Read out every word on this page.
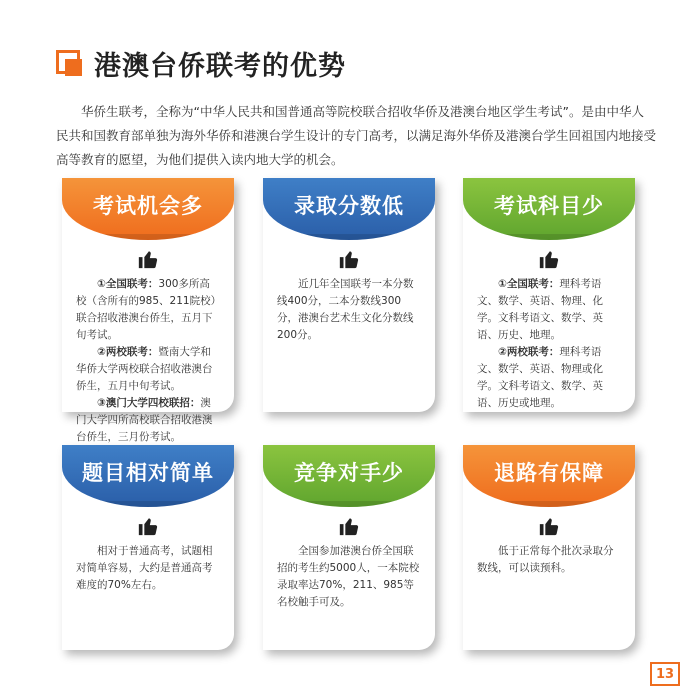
港澳台侨联考的优势

华侨生联考，全称为“中华人民共和国普通高等院校联合招收华侨及港澳台地区学生考试”。是由中华人民共和国教育部单独为海外华侨和港澳台学生设计的专门高考，以满足海外华侨及港澳台学生回祖国内地接受高等教育的愿望，为他们提供入读内地大学的机会。

考试机会多

①全国联考：300多所高校（含所有的985、211院校）联合招收港澳台侨生，五月下旬考试。

②两校联考：暨南大学和华侨大学两校联合招收港澳台侨生，五月中旬考试。

③澳门大学四校联招：澳门大学四所高校联合招收港澳台侨生，三月份考试。

录取分数低

近几年全国联考一本分数线400分，二本分数线300分，港澳台艺术生文化分数线200分。

考试科目少

①全国联考：理科考语文、数学、英语、物理、化学。文科考语文、数学、英语、历史、地理。

②两校联考：理科考语文、数学、英语、物理或化学。文科考语文、数学、英语、历史或地理。

题目相对简单

相对于普通高考，试题相对简单容易，大约是普通高考难度的70%左右。

竞争对手少

全国参加港澳台侨全国联招的考生约5000人，一本院校录取率达70%，211、985等名校触手可及。

退路有保障

低于正常每个批次录取分数线，可以读预科。

13
